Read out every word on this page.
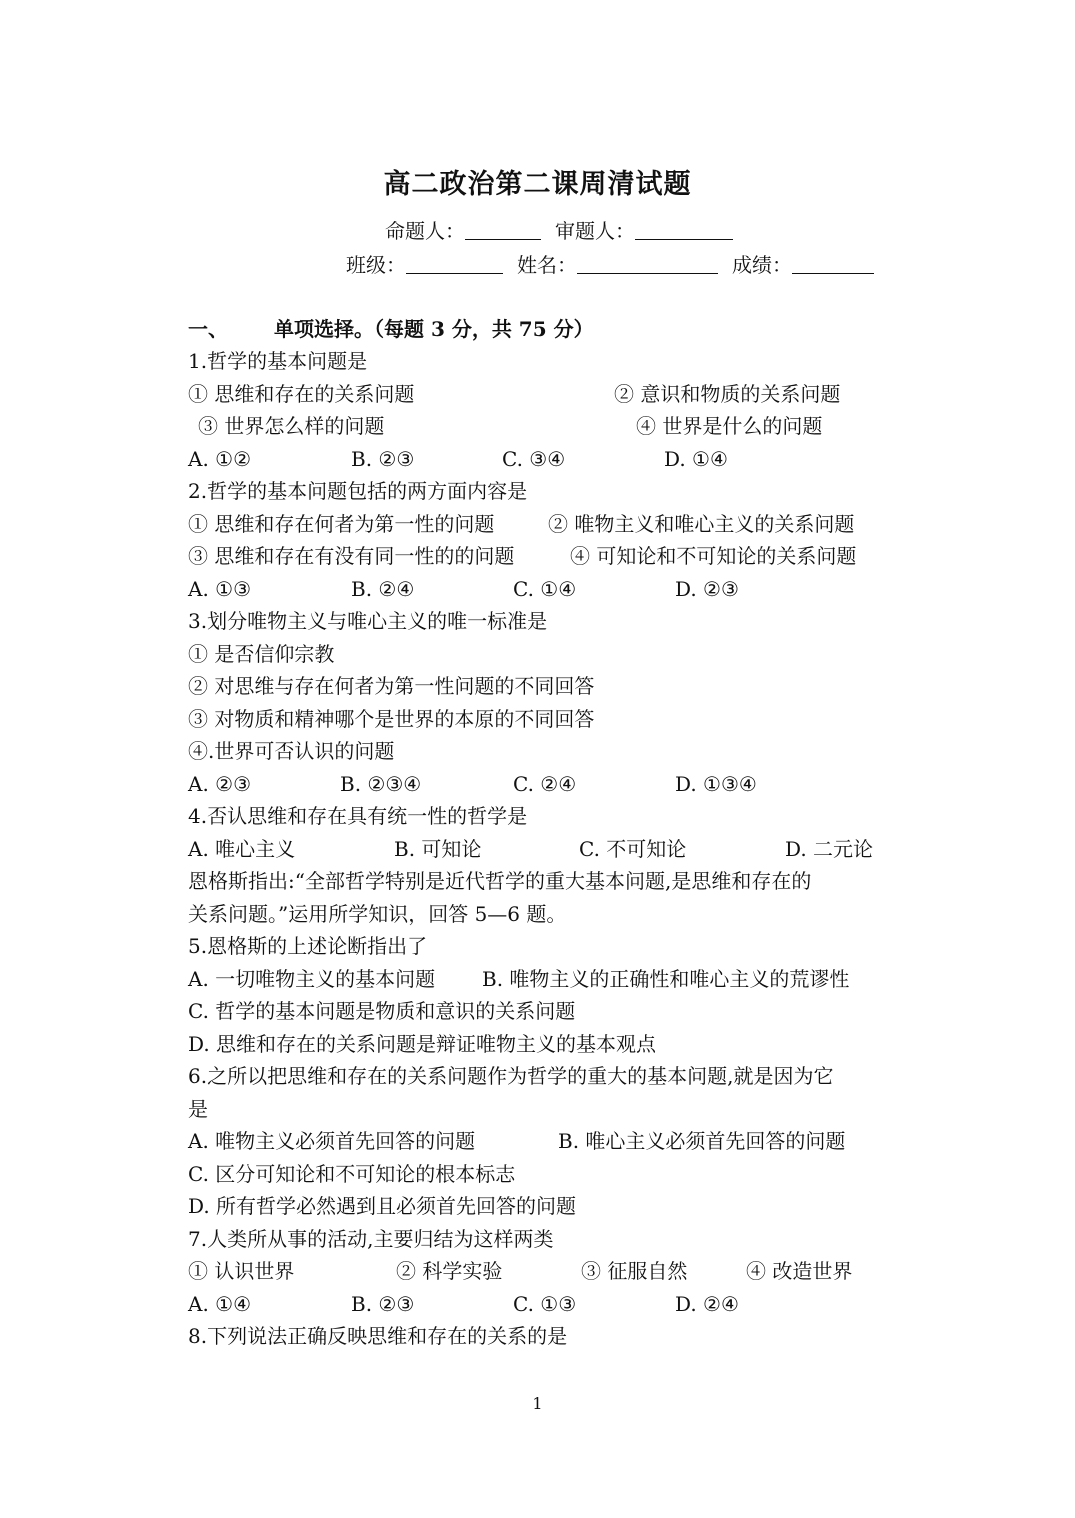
高二政治第二课周清试题
命题人：	审题人：
班级：	姓名：	成绩：
一、 单项选择。（每题 3 分，共 75 分）
1.哲学的基本问题是
① 思维和存在的关系问题	② 意识和物质的关系问题
③ 世界怎么样的问题	④ 世界是什么的问题
A. ①②	B. ②③	C. ③④	D. ①④
2.哲学的基本问题包括的两方面内容是
① 思维和存在何者为第一性的问题	② 唯物主义和唯心主义的关系问题
③ 思维和存在有没有同一性的的问题	④ 可知论和不可知论的关系问题
A. ①③	B. ②④	C. ①④	D. ②③
3.划分唯物主义与唯心主义的唯一标准是
① 是否信仰宗教
② 对思维与存在何者为第一性问题的不同回答
③ 对物质和精神哪个是世界的本原的不同回答
④.世界可否认识的问题
A. ②③	B. ②③④	C. ②④	D. ①③④
4.否认思维和存在具有统一性的哲学是
A. 唯心主义	B. 可知论	C. 不可知论	D. 二元论
恩格斯指出:“全部哲学特别是近代哲学的重大基本问题,是思维和存在的
关系问题。”运用所学知识，回答 5—6 题。
5.恩格斯的上述论断指出了
A. 一切唯物主义的基本问题 B. 唯物主义的正确性和唯心主义的荒谬性
C. 哲学的基本问题是物质和意识的关系问题
D. 思维和存在的关系问题是辩证唯物主义的基本观点
6.之所以把思维和存在的关系问题作为哲学的重大的基本问题,就是因为它
是
A. 唯物主义必须首先回答的问题	B. 唯心主义必须首先回答的问题
C. 区分可知论和不可知论的根本标志
D. 所有哲学必然遇到且必须首先回答的问题
7.人类所从事的活动,主要归结为这样两类
① 认识世界	② 科学实验	③ 征服自然	④ 改造世界
A. ①④	B. ②③	C. ①③	D. ②④
8.下列说法正确反映思维和存在的关系的是
1
